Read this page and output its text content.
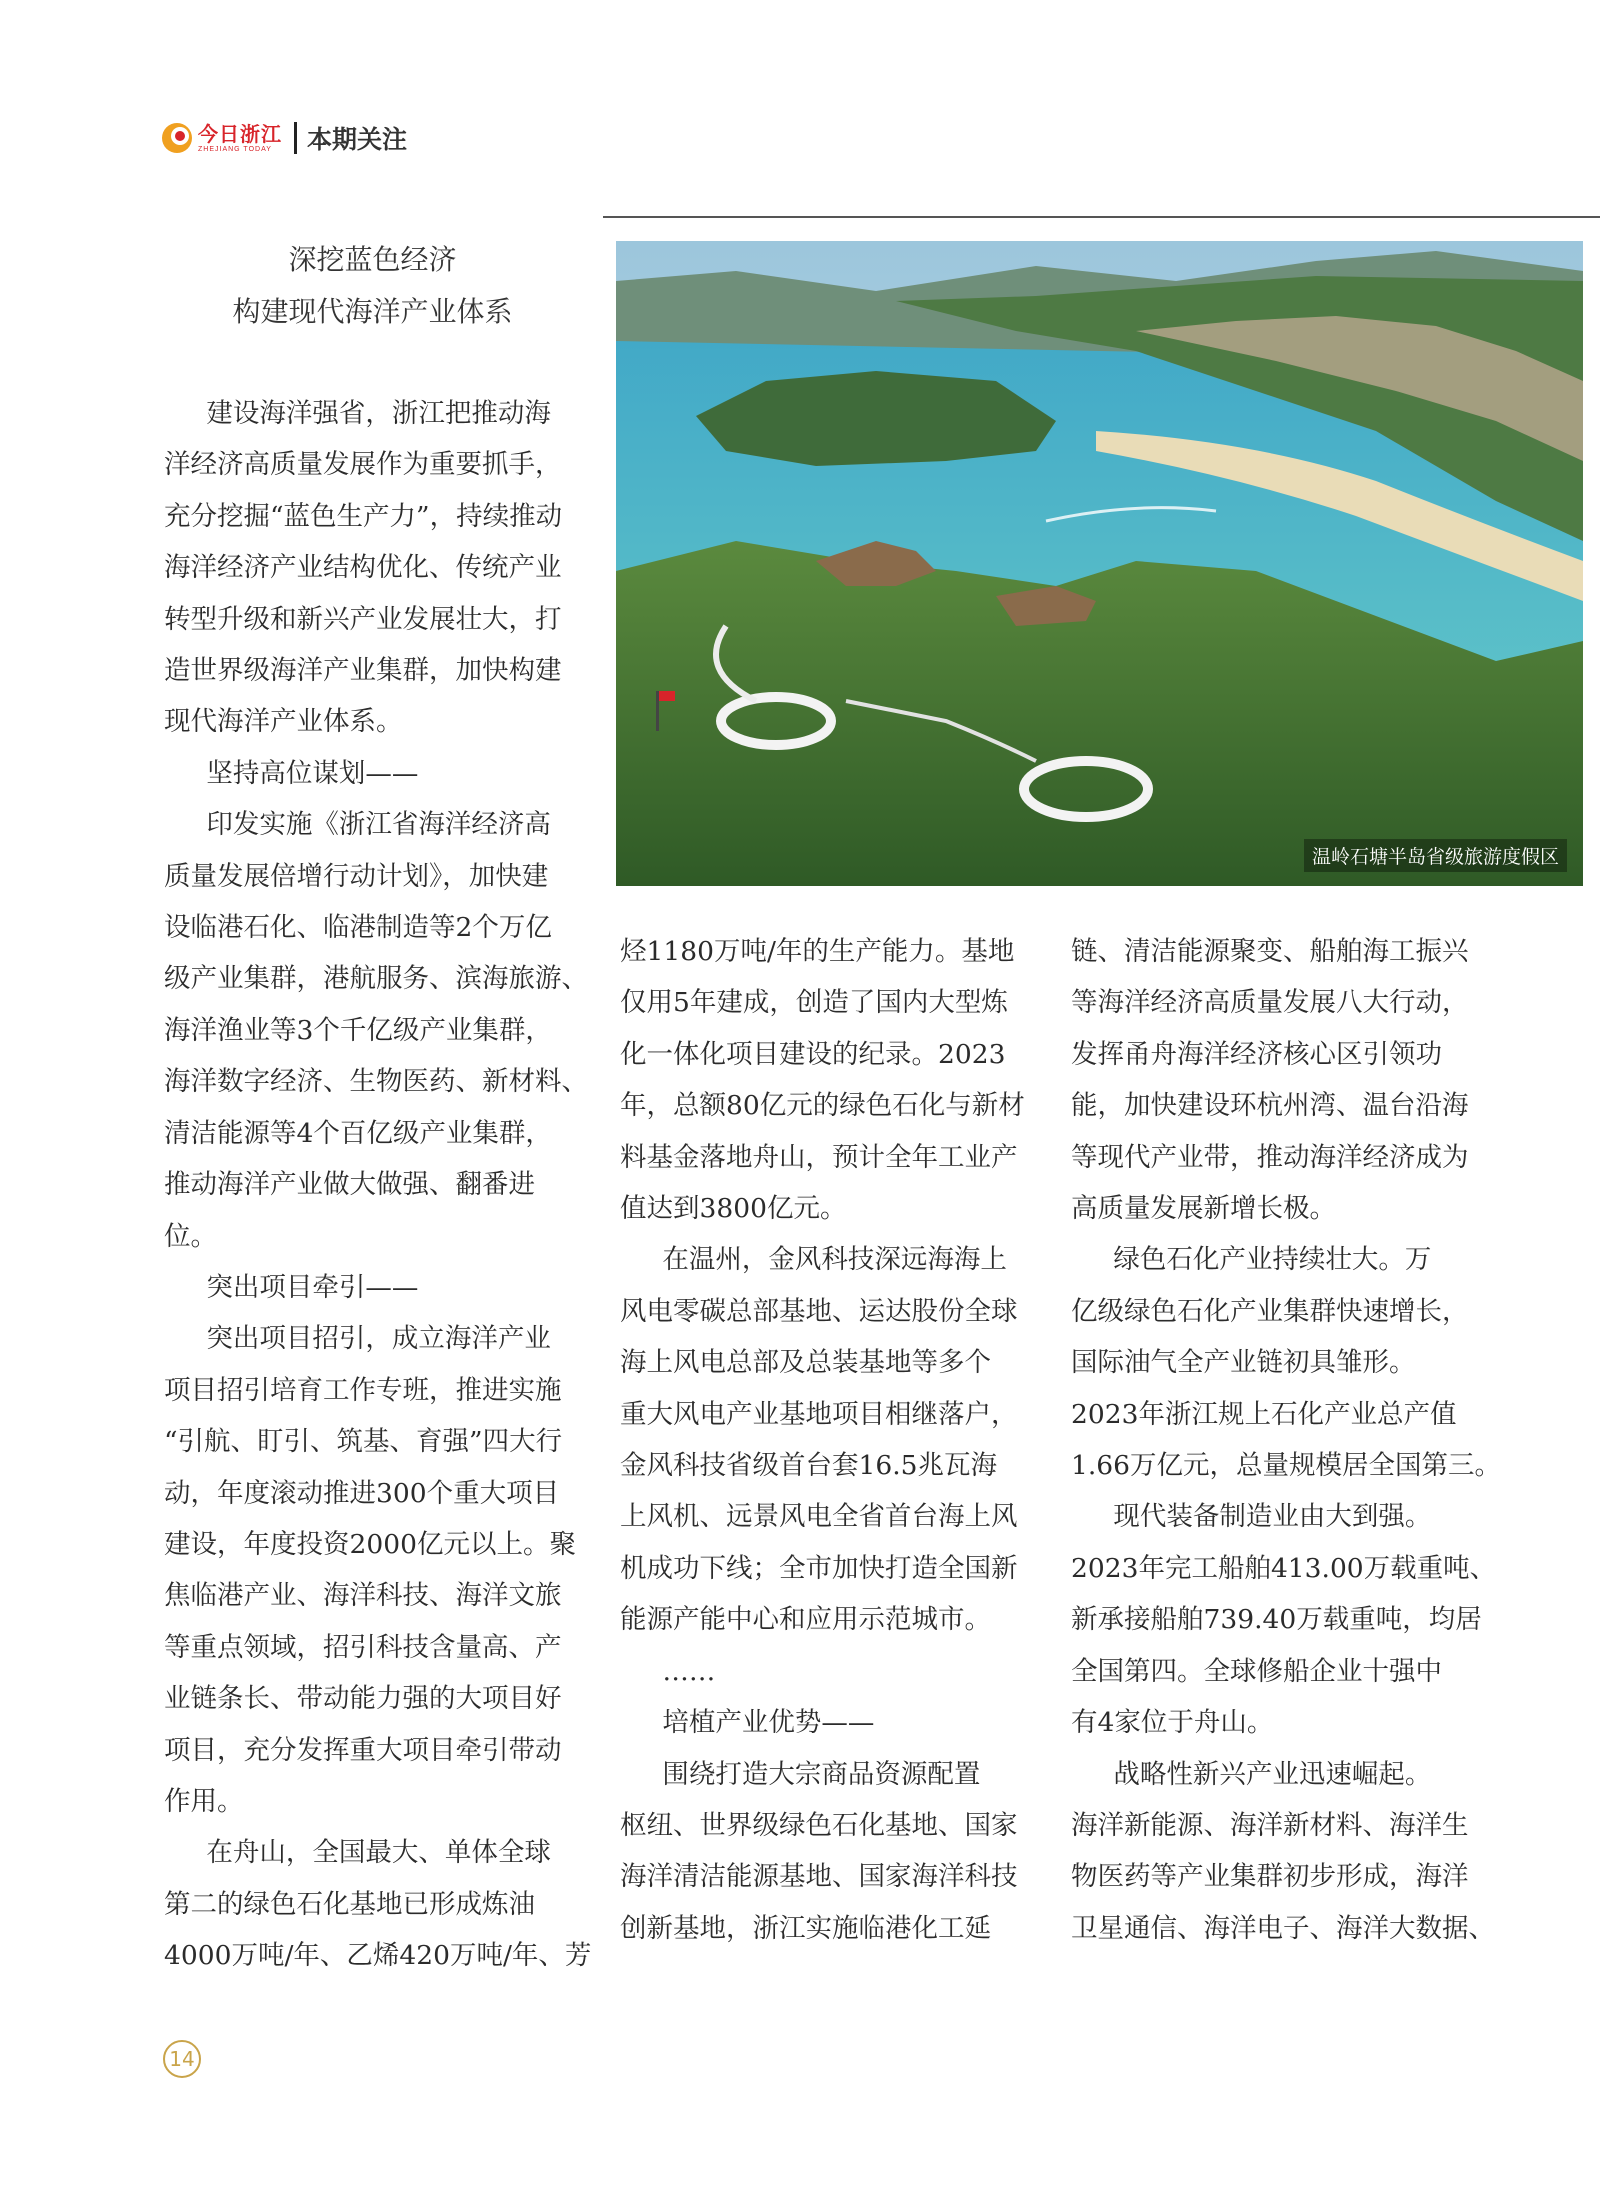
今日浙江
ZHEJIANG TODAY	本期关注
深挖蓝色经济
构建现代海洋产业体系
温岭石塘半岛省级旅游度假区
建设海洋强省，浙江把推动海
洋经济高质量发展作为重要抓手，
充分挖掘“蓝色生产力”，持续推动
海洋经济产业结构优化、传统产业
转型升级和新兴产业发展壮大，打
造世界级海洋产业集群，加快构建
现代海洋产业体系。
坚持高位谋划——
印发实施《浙江省海洋经济高
质量发展倍增行动计划》，加快建
设临港石化、临港制造等2个万亿
级产业集群，港航服务、滨海旅游、
海洋渔业等3个千亿级产业集群，
海洋数字经济、生物医药、新材料、
清洁能源等4个百亿级产业集群，
推动海洋产业做大做强、翻番进
位。
突出项目牵引——
突出项目招引，成立海洋产业
项目招引培育工作专班，推进实施
“引航、盯引、筑基、育强”四大行
动，年度滚动推进300个重大项目
建设，年度投资2000亿元以上。聚
焦临港产业、海洋科技、海洋文旅
等重点领域，招引科技含量高、产
业链条长、带动能力强的大项目好
项目，充分发挥重大项目牵引带动
作用。
在舟山，全国最大、单体全球
第二的绿色石化基地已形成炼油
4000万吨/年、乙烯420万吨/年、芳
烃1180万吨/年的生产能力。基地
仅用5年建成，创造了国内大型炼
化一体化项目建设的纪录。2023
年，总额80亿元的绿色石化与新材
料基金落地舟山，预计全年工业产
值达到3800亿元。
在温州，金风科技深远海海上
风电零碳总部基地、运达股份全球
海上风电总部及总装基地等多个
重大风电产业基地项目相继落户，
金风科技省级首台套16.5兆瓦海
上风机、远景风电全省首台海上风
机成功下线；全市加快打造全国新
能源产能中心和应用示范城市。
……
培植产业优势——
围绕打造大宗商品资源配置
枢纽、世界级绿色石化基地、国家
海洋清洁能源基地、国家海洋科技
创新基地，浙江实施临港化工延
链、清洁能源聚变、船舶海工振兴
等海洋经济高质量发展八大行动，
发挥甬舟海洋经济核心区引领功
能，加快建设环杭州湾、温台沿海
等现代产业带，推动海洋经济成为
高质量发展新增长极。
绿色石化产业持续壮大。万
亿级绿色石化产业集群快速增长，
国际油气全产业链初具雏形。
2023年浙江规上石化产业总产值
1.66万亿元，总量规模居全国第三。
现代装备制造业由大到强。
2023年完工船舶413.00万载重吨、
新承接船舶739.40万载重吨，均居
全国第四。全球修船企业十强中
有4家位于舟山。
战略性新兴产业迅速崛起。
海洋新能源、海洋新材料、海洋生
物医药等产业集群初步形成，海洋
卫星通信、海洋电子、海洋大数据、
14
